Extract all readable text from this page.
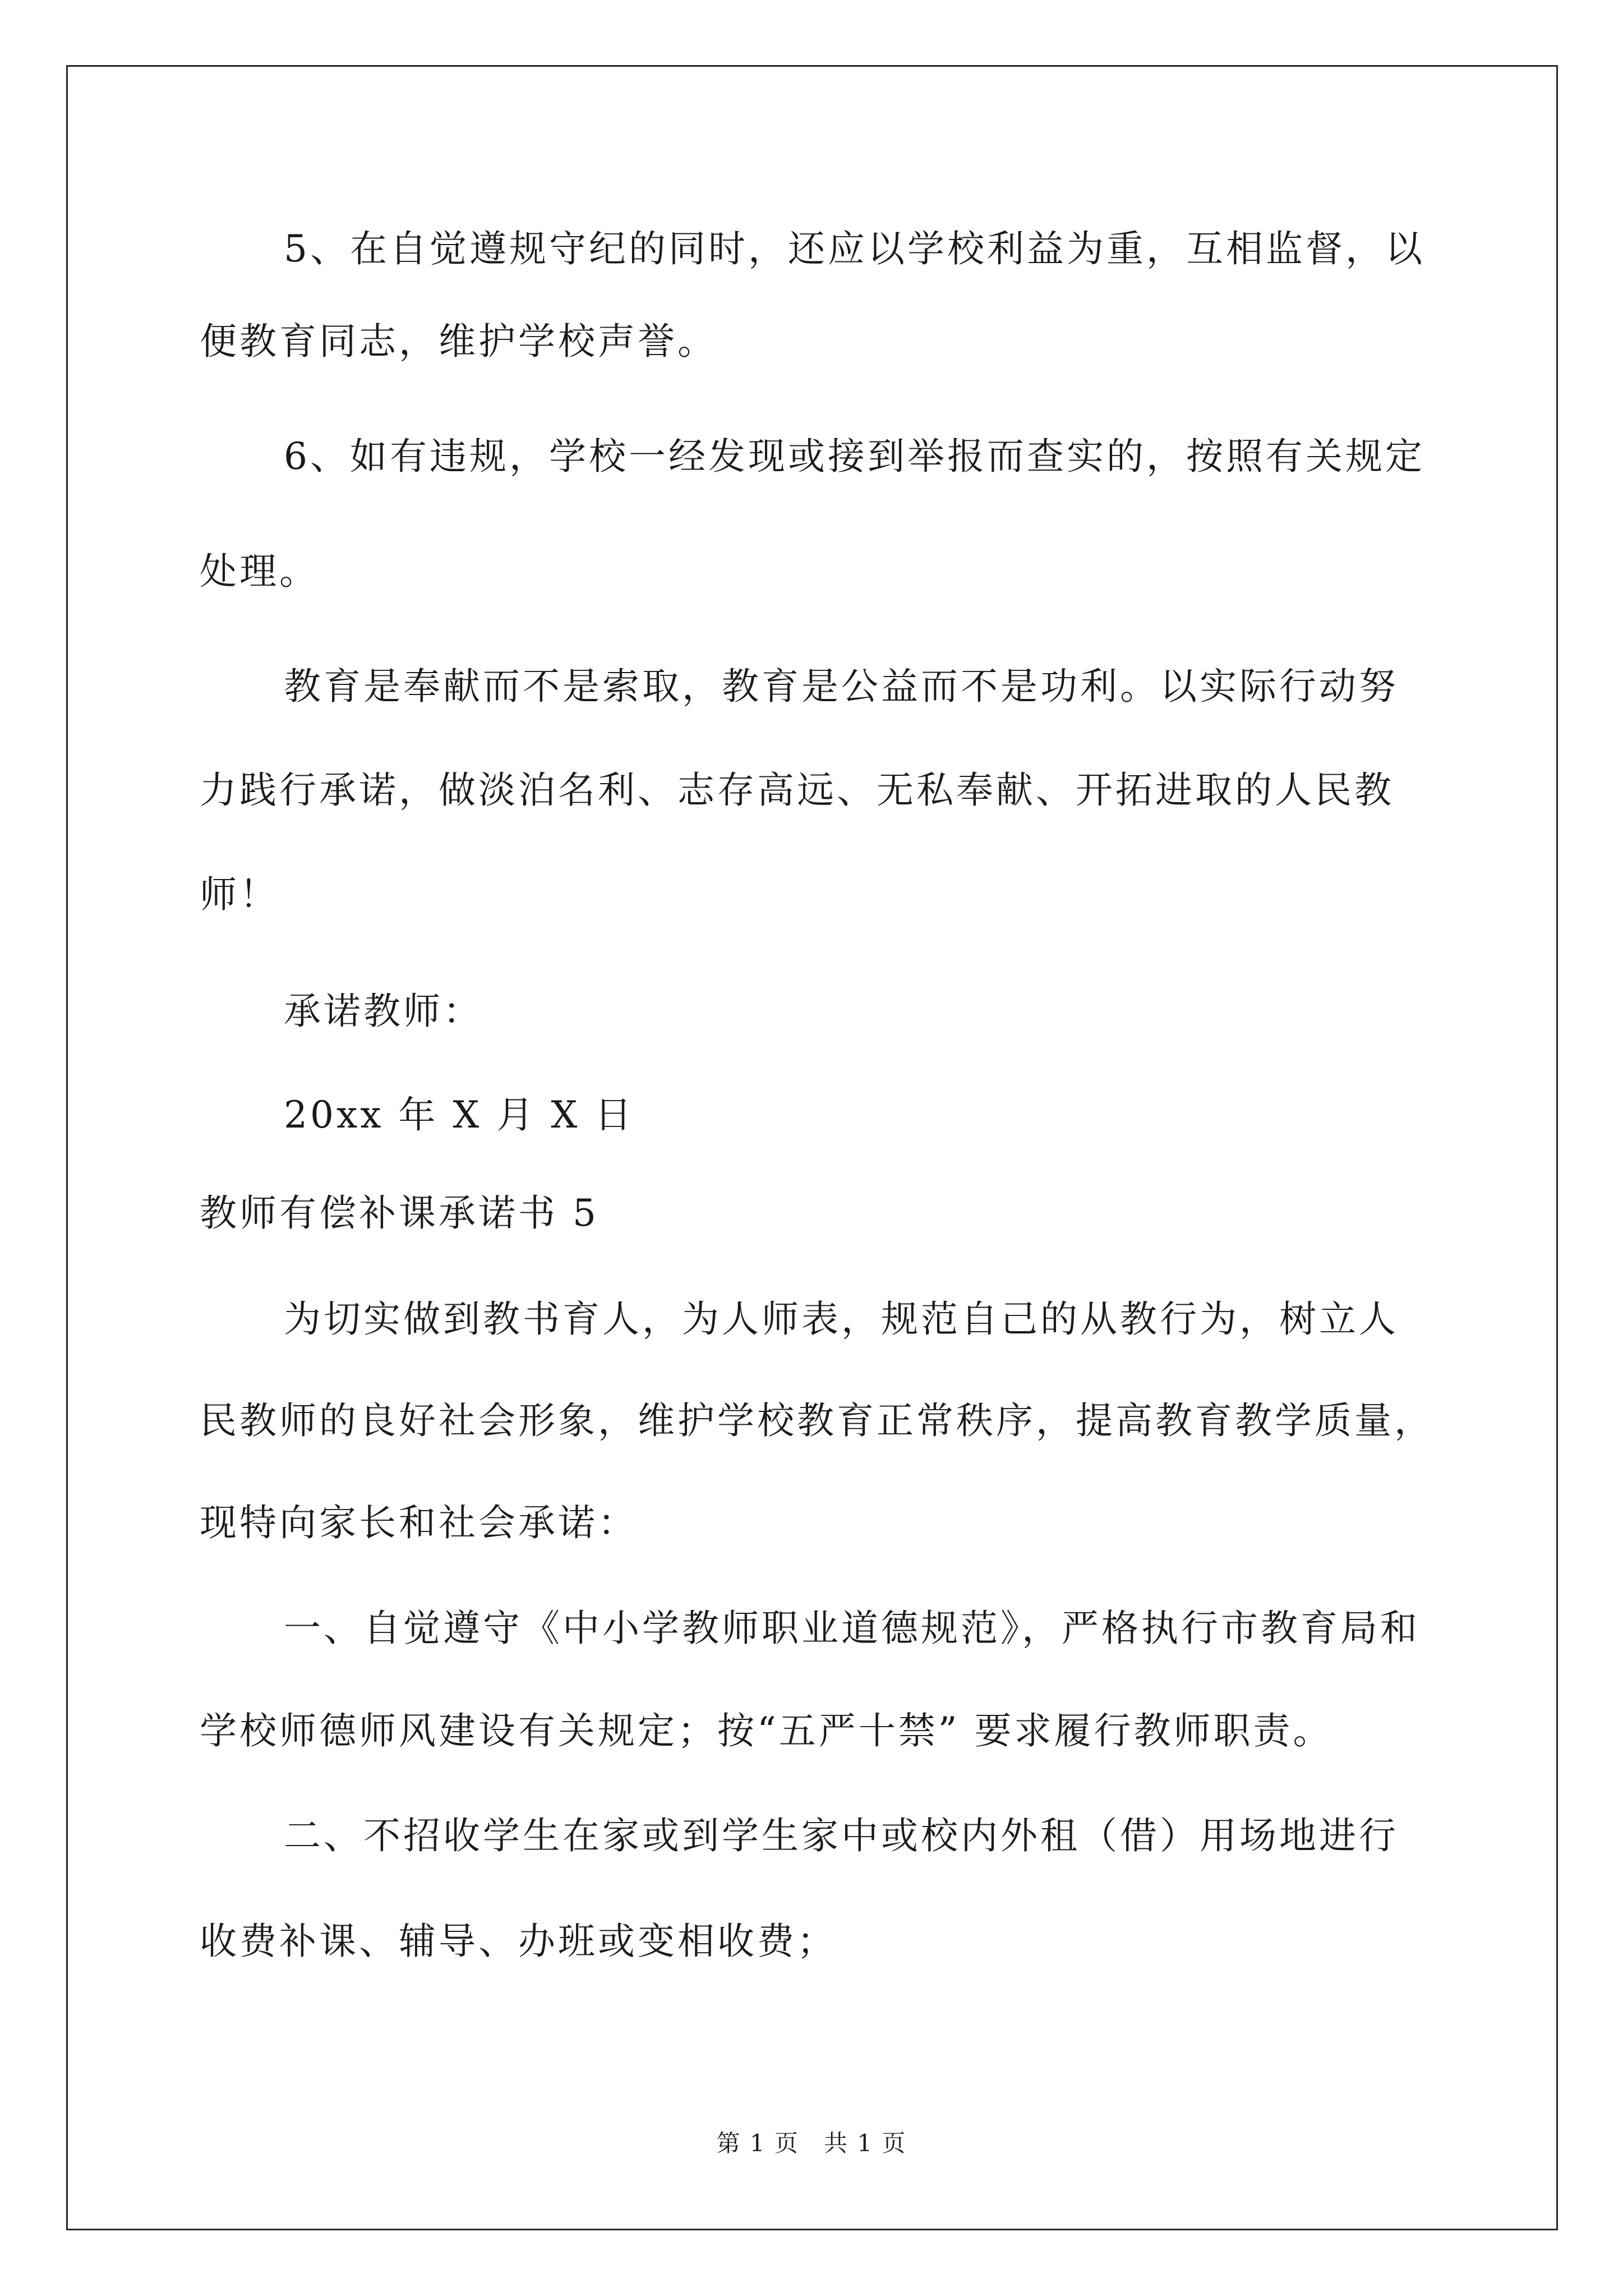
5、在自觉遵规守纪的同时，还应以学校利益为重，互相监督，以
便教育同志，维护学校声誉。
6、如有违规，学校一经发现或接到举报而查实的，按照有关规定
处理。
教育是奉献而不是索取，教育是公益而不是功利。以实际行动努
力践行承诺，做淡泊名利、志存高远、无私奉献、开拓进取的人民教
师！
承诺教师：
20xx 年 X 月 X 日
教师有偿补课承诺书 5
为切实做到教书育人，为人师表，规范自己的从教行为，树立人
民教师的良好社会形象，维护学校教育正常秩序，提高教育教学质量，
现特向家长和社会承诺：
一、自觉遵守《中小学教师职业道德规范》，严格执行市教育局和
学校师德师风建设有关规定；按“五严十禁” 要求履行教师职责。
二、不招收学生在家或到学生家中或校内外租（借）用场地进行
收费补课、辅导、办班或变相收费；
第 1 页　共 1 页
